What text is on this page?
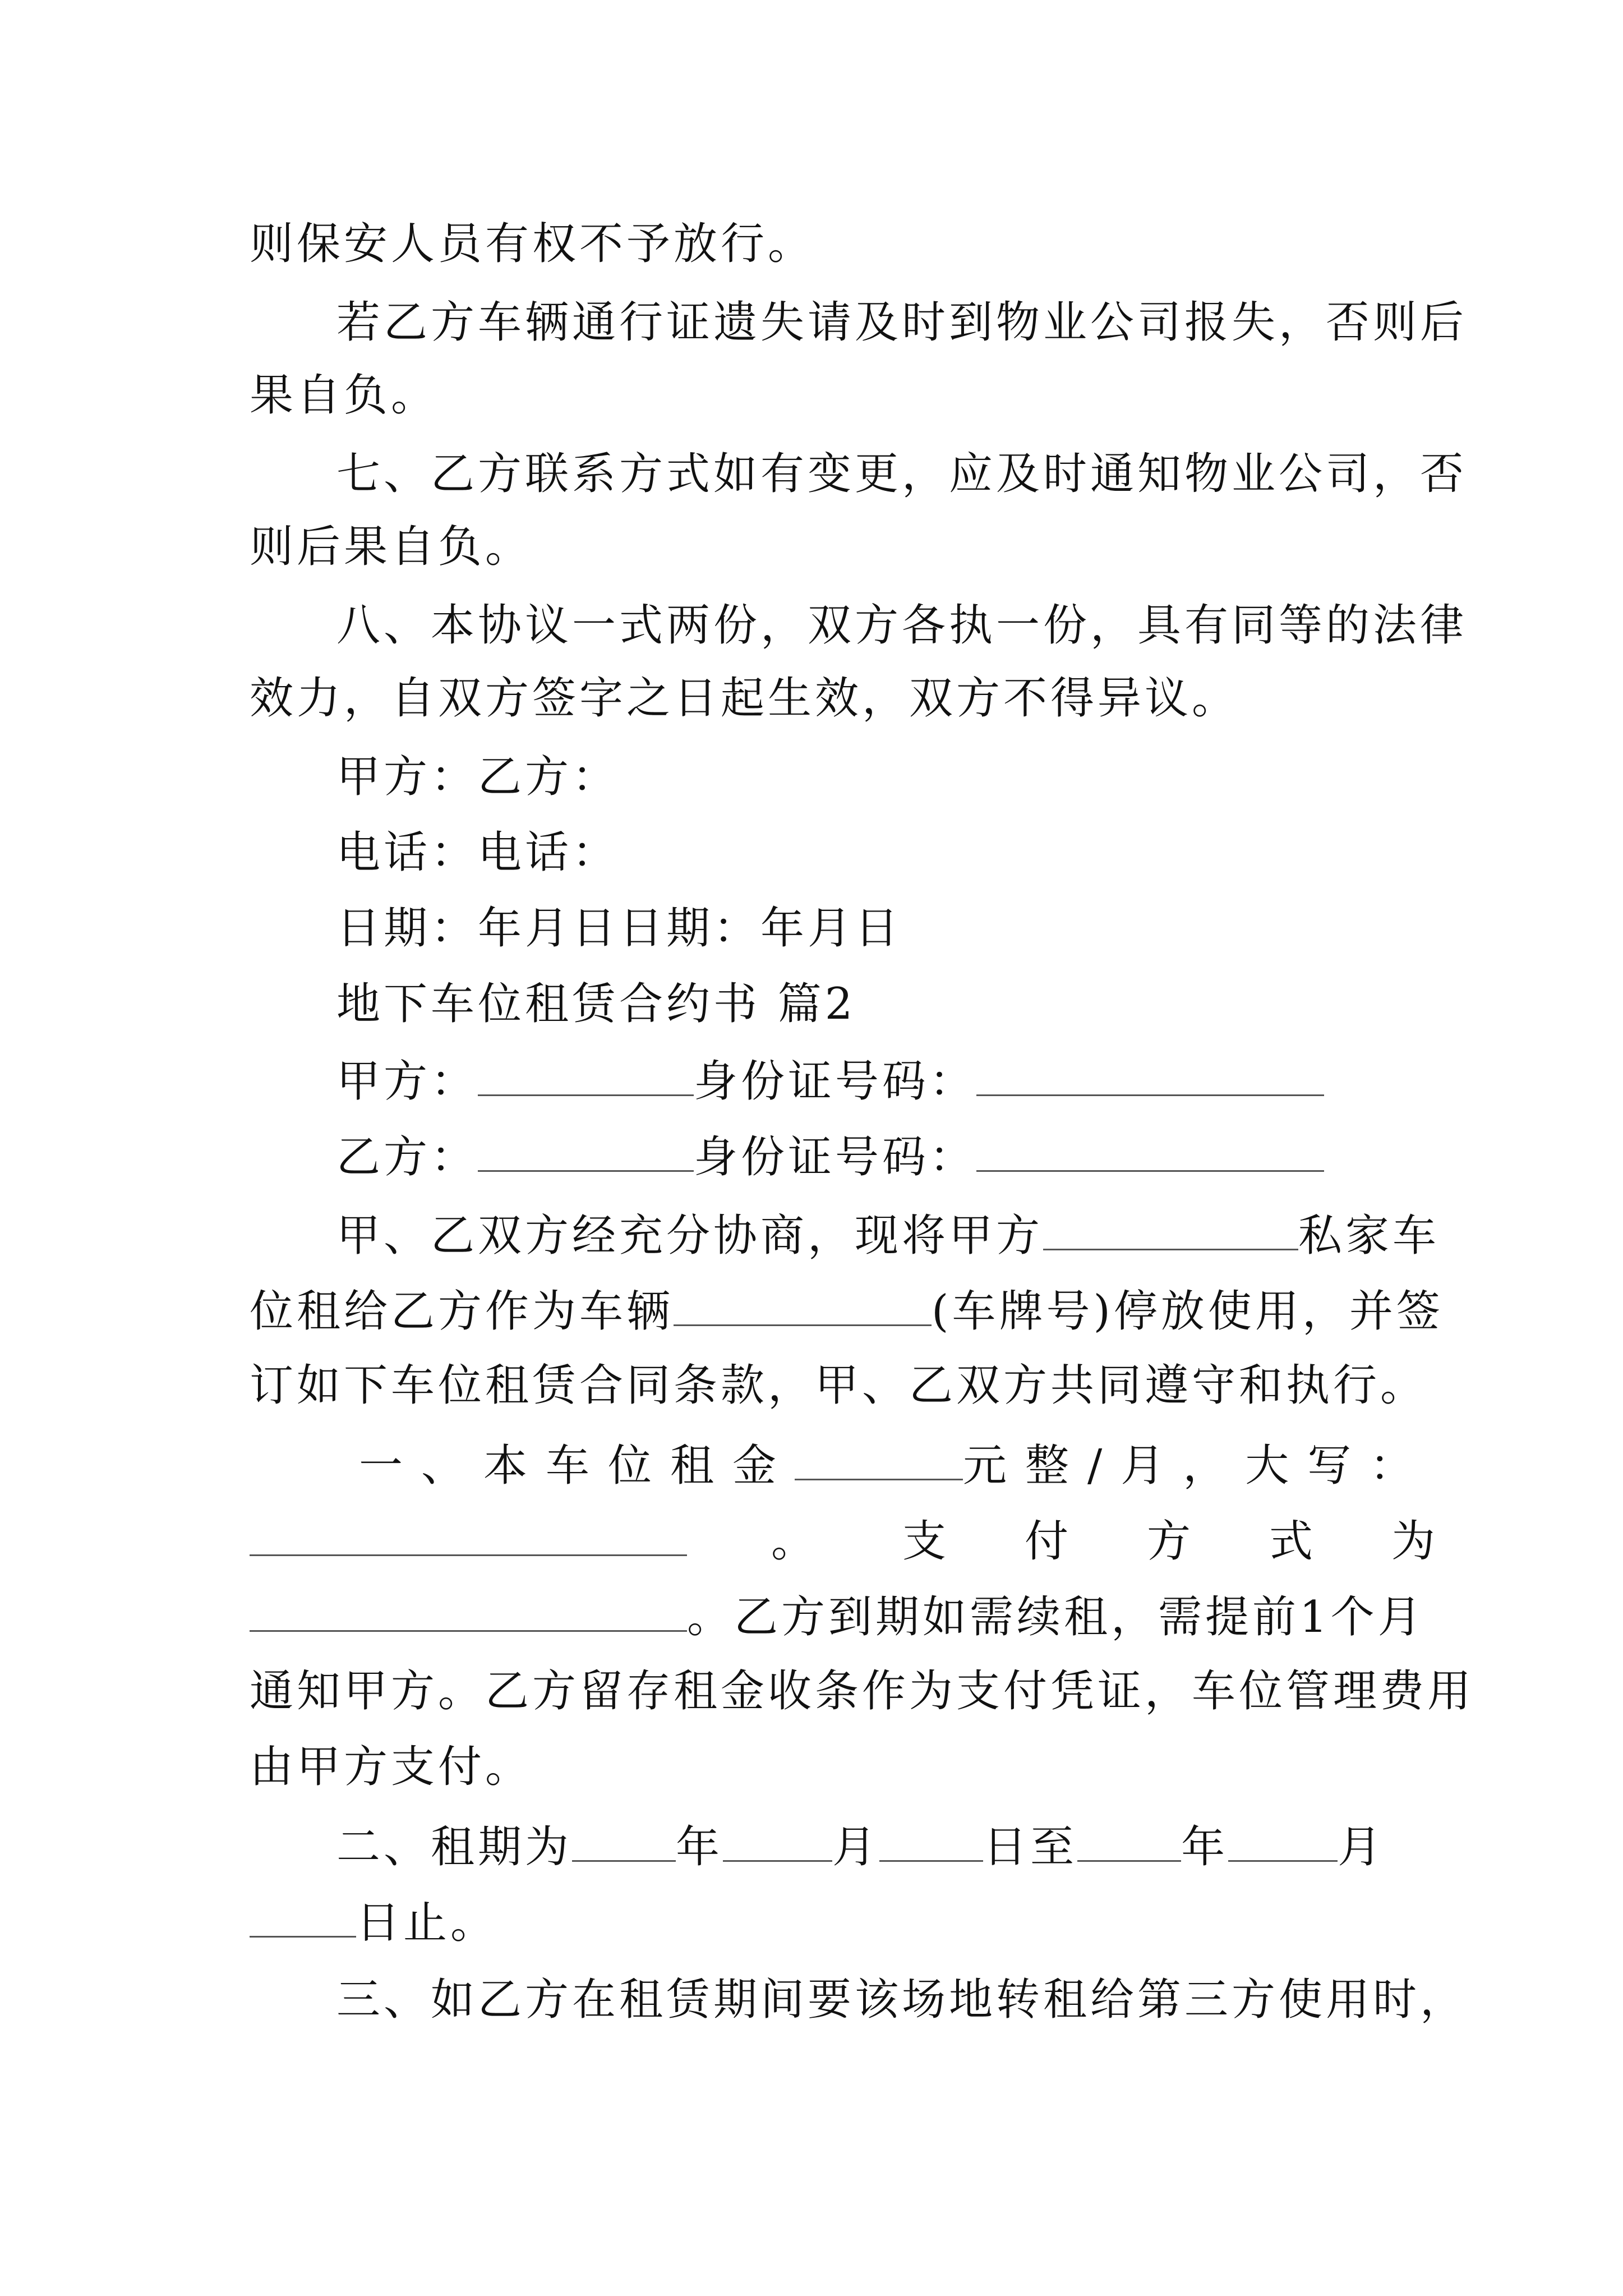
则保安人员有权不予放行。
若乙方车辆通行证遗失请及时到物业公司报失，否则后
果自负。
七、乙方联系方式如有变更，应及时通知物业公司，否
则后果自负。
八、本协议一式两份，双方各执一份，具有同等的法律
效力，自双方签字之日起生效，双方不得异议。
甲方：乙方：
电话：电话：
日期：年月日日期：年月日
地下车位租赁合约书 篇2
甲方：	身份证号码：
乙方：	身份证号码：
甲、乙双方经充分协商，现将甲方	私家车
位租给乙方作为车辆	(车牌号)停放使用，并签
订如下车位租赁合同条款，甲、乙双方共同遵守和执行。
一、本车位租金	元整/月，大写：
。 支付方式为
。乙方到期如需续租，需提前1个月
通知甲方。乙方留存租金收条作为支付凭证，车位管理费用
由甲方支付。
二、租期为 年	月 日至 年	月
日止。
三、如乙方在租赁期间要该场地转租给第三方使用时，
